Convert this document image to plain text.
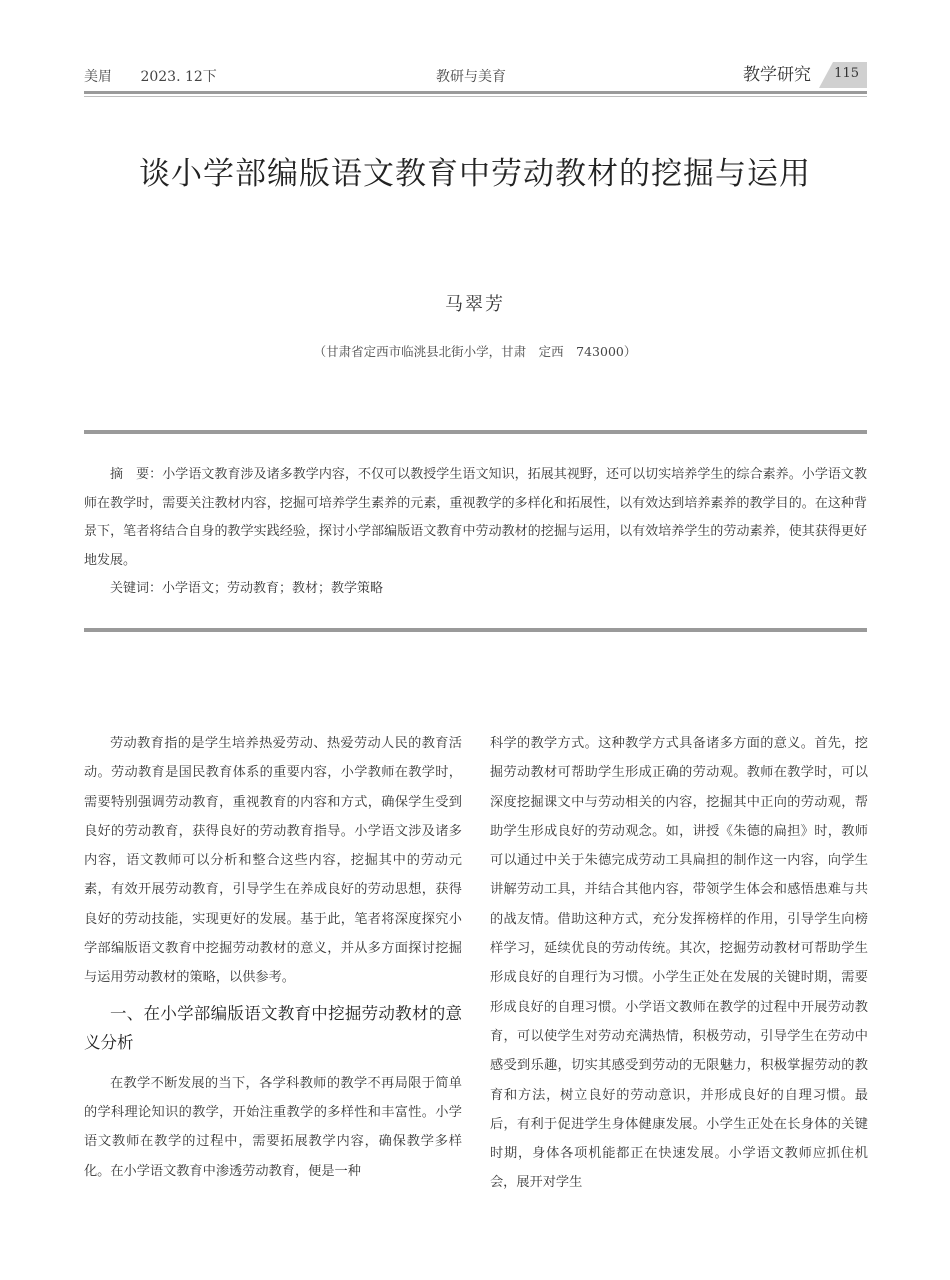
美眉 2023. 12下	教研与美育	教学研究 115
谈小学部编版语文教育中劳动教材的挖掘与运用
马翠芳
（甘肃省定西市临洮县北街小学，甘肃　定西　743000）

摘　要：小学语文教育涉及诸多教学内容，不仅可以教授学生语文知识，拓展其视野，还可以切实培养学生的综合素养。小学语文教师在教学时，需要关注教材内容，挖掘可培养学生素养的元素，重视教学的多样化和拓展性，以有效达到培养素养的教学目的。在这种背景下，笔者将结合自身的教学实践经验，探讨小学部编版语文教育中劳动教材的挖掘与运用，以有效培养学生的劳动素养，使其获得更好地发展。

关键词：小学语文；劳动教育；教材；教学策略

劳动教育指的是学生培养热爱劳动、热爱劳动人民的教育活动。劳动教育是国民教育体系的重要内容，小学教师在教学时，需要特别强调劳动教育，重视教育的内容和方式，确保学生受到良好的劳动教育，获得良好的劳动教育指导。小学语文涉及诸多内容，语文教师可以分析和整合这些内容，挖掘其中的劳动元素，有效开展劳动教育，引导学生在养成良好的劳动思想，获得良好的劳动技能，实现更好的发展。基于此，笔者将深度探究小学部编版语文教育中挖掘劳动教材的意义，并从多方面探讨挖掘与运用劳动教材的策略，以供参考。

一、在小学部编版语文教育中挖掘劳动教材的意义分析

在教学不断发展的当下，各学科教师的教学不再局限于简单的学科理论知识的教学，开始注重教学的多样性和丰富性。小学语文教师在教学的过程中，需要拓展教学内容，确保教学多样化。在小学语文教育中渗透劳动教育，便是一种

科学的教学方式。这种教学方式具备诸多方面的意义。首先，挖掘劳动教材可帮助学生形成正确的劳动观。教师在教学时，可以深度挖掘课文中与劳动相关的内容，挖掘其中正向的劳动观，帮助学生形成良好的劳动观念。如，讲授《朱德的扁担》时，教师可以通过中关于朱德完成劳动工具扁担的制作这一内容，向学生讲解劳动工具，并结合其他内容，带领学生体会和感悟患难与共的战友情。借助这种方式，充分发挥榜样的作用，引导学生向榜样学习，延续优良的劳动传统。其次，挖掘劳动教材可帮助学生形成良好的自理行为习惯。小学生正处在发展的关键时期，需要形成良好的自理习惯。小学语文教师在教学的过程中开展劳动教育，可以使学生对劳动充满热情，积极劳动，引导学生在劳动中感受到乐趣，切实其感受到劳动的无限魅力，积极掌握劳动的教育和方法，树立良好的劳动意识，并形成良好的自理习惯。最后，有利于促进学生身体健康发展。小学生正处在长身体的关键时期，身体各项机能都正在快速发展。小学语文教师应抓住机会，展开对学生
